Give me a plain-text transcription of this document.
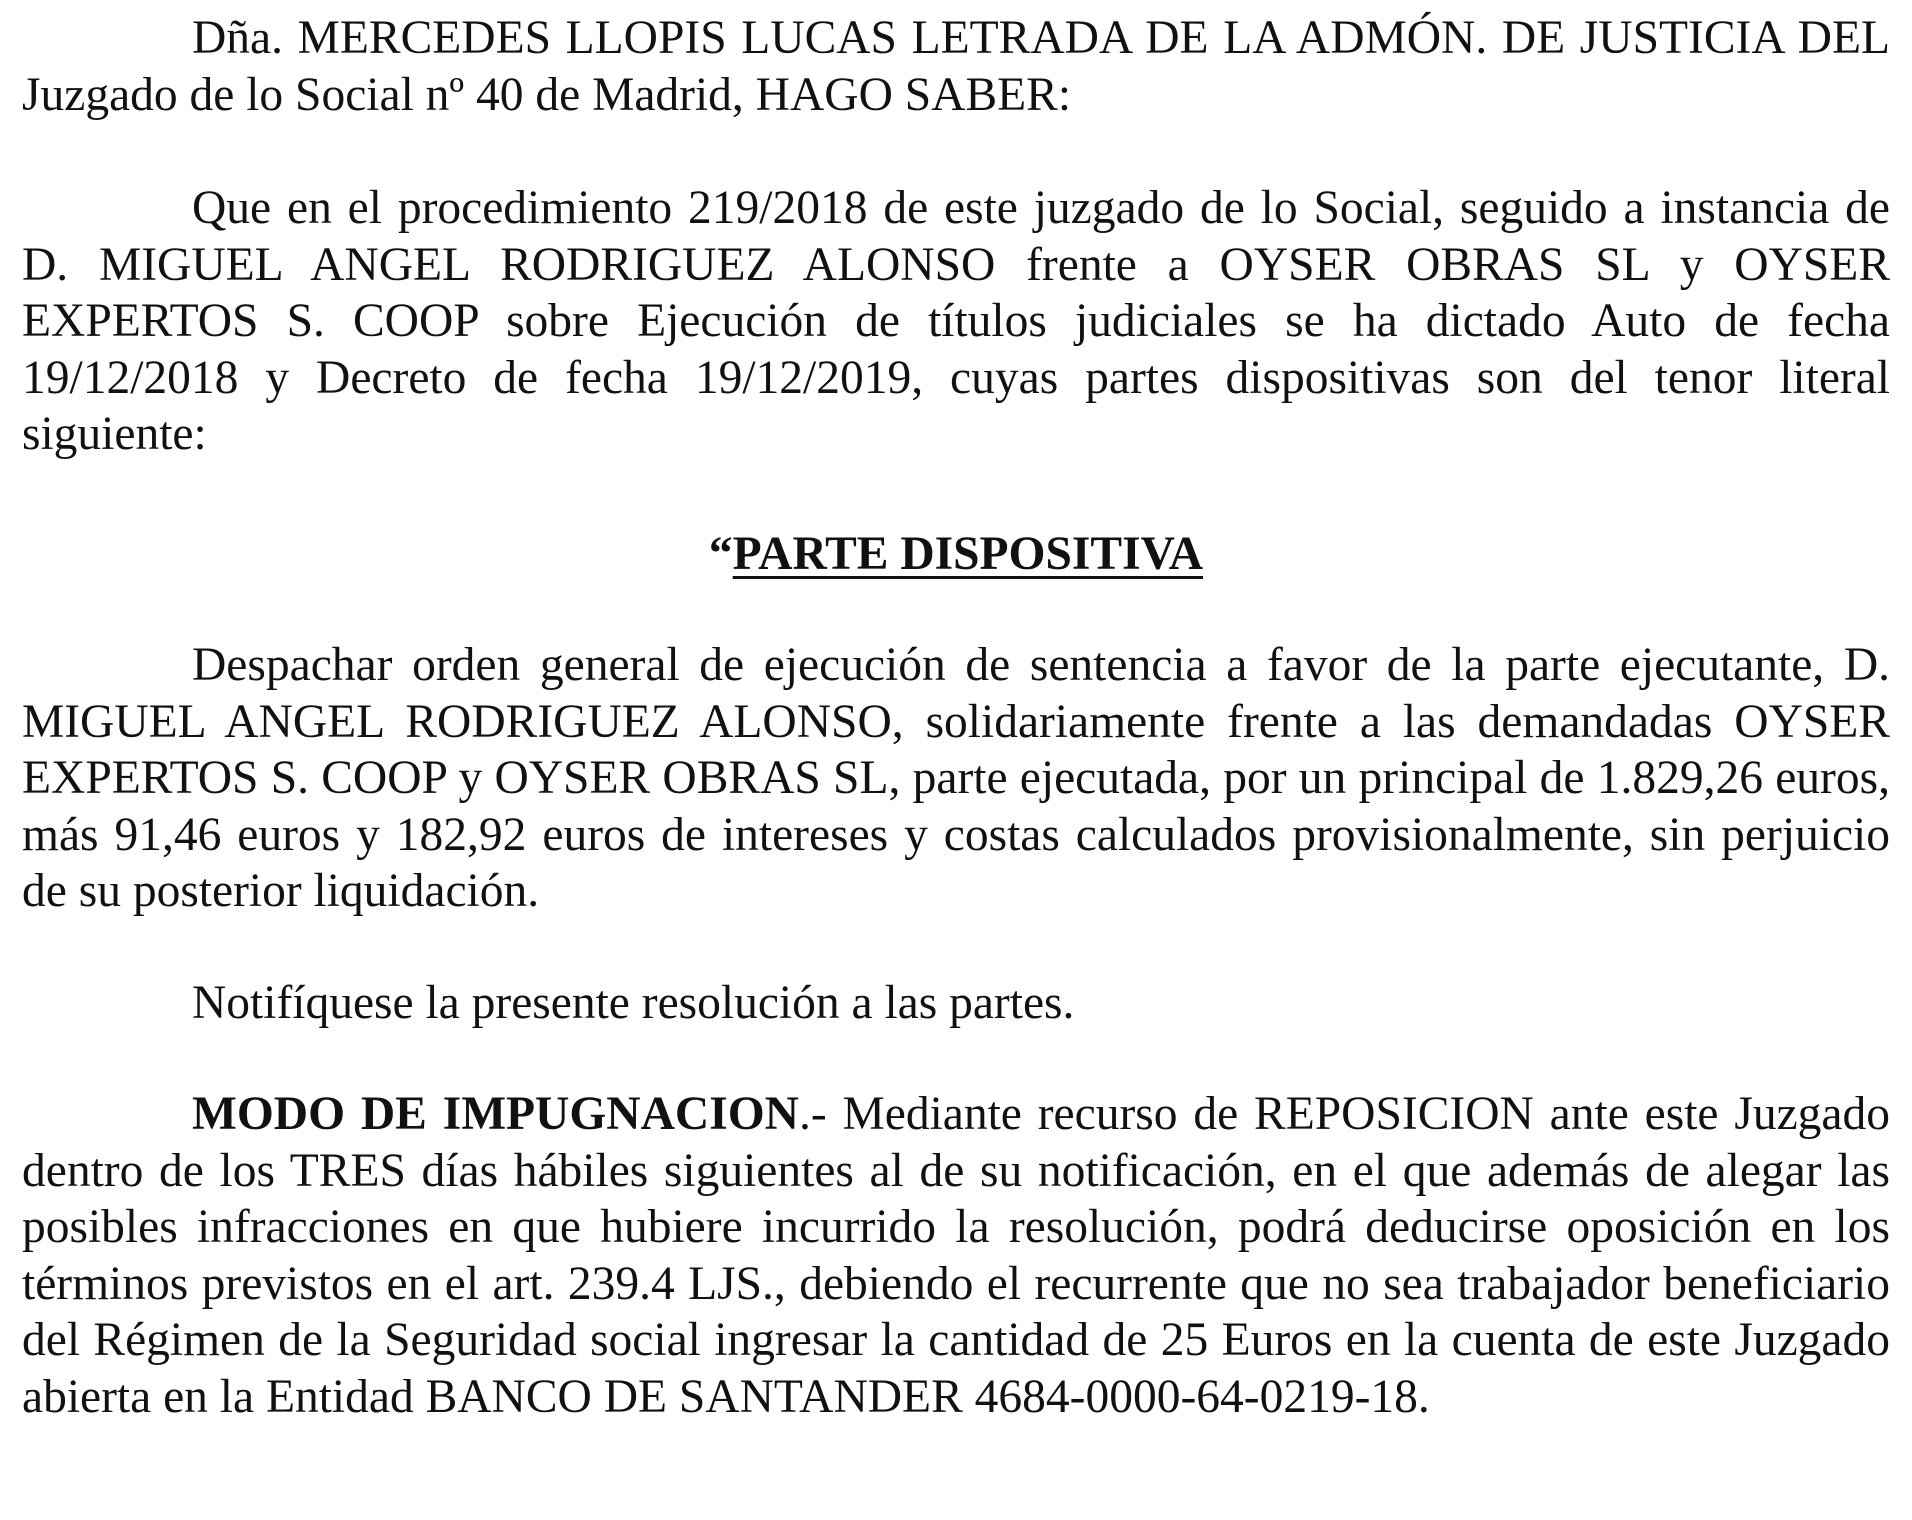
Dña. MERCEDES LLOPIS LUCAS LETRADA DE LA ADMÓN. DE JUSTICIA DEL Juzgado de lo Social nº 40 de Madrid, HAGO SABER:

Que en el procedimiento 219/2018 de este juzgado de lo Social, seguido a instancia de D. MIGUEL ANGEL RODRIGUEZ ALONSO frente a OYSER OBRAS SL y OYSER EXPERTOS S. COOP sobre Ejecución de títulos judiciales se ha dictado Auto de fecha 19/12/2018 y Decreto de fecha 19/12/2019, cuyas partes dispositivas son del tenor literal siguiente:

“PARTE DISPOSITIVA

Despachar orden general de ejecución de sentencia a favor de la parte ejecutante, D. MIGUEL ANGEL RODRIGUEZ ALONSO, solidariamente frente a las demandadas OYSER EXPERTOS S. COOP y OYSER OBRAS SL, parte ejecutada, por un principal de 1.829,26 euros, más 91,46 euros y 182,92 euros de intereses y costas calculados provisionalmente, sin perjuicio de su posterior liquidación.

Notifíquese la presente resolución a las partes.

MODO DE IMPUGNACION.- Mediante recurso de REPOSICION ante este Juzgado dentro de los TRES días hábiles siguientes al de su notificación, en el que además de alegar las posibles infracciones en que hubiere incurrido la resolución, podrá deducirse oposición en los términos previstos en el art. 239.4 LJS., debiendo el recurrente que no sea trabajador beneficiario del Régimen de la Seguridad social ingresar la cantidad de 25 Euros en la cuenta de este Juzgado abierta en la Entidad BANCO DE SANTANDER 4684-0000-64-0219-18.
